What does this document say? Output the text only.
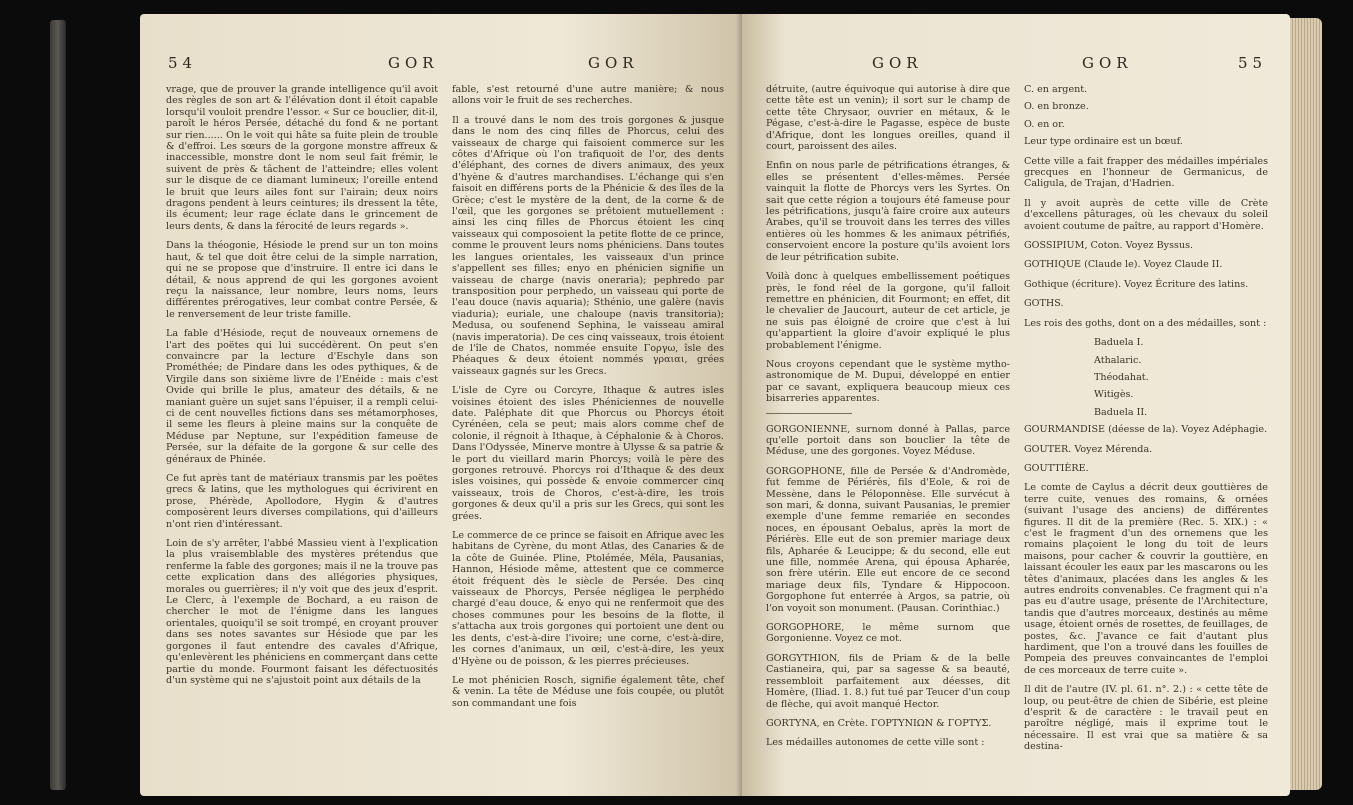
54	GOR	GOR

vrage, que de prouver la grande intelligence qu'il avoit des règles de son art & l'élévation dont il étoit capable lorsqu'il vouloit prendre l'essor. « Sur ce bouclier, dit-il, paroît le héros Persée, détaché du fond & ne portant sur rien...... On le voit qui hâte sa fuite plein de trouble & d'effroi. Les sœurs de la gorgone monstre affreux & inaccessible, monstre dont le nom seul fait frémir, le suivent de près & tâchent de l'atteindre; elles volent sur le disque de ce diamant lumineux; l'oreille entend le bruit que leurs ailes font sur l'airain; deux noirs dragons pendent à leurs ceintures; ils dressent la tête, ils écument; leur rage éclate dans le grincement de leurs dents, & dans la férocité de leurs regards ».

Dans la théogonie, Hésiode le prend sur un ton moins haut, & tel que doit être celui de la simple narration, qui ne se propose que d'instruire. Il entre ici dans le détail, & nous apprend de qui les gorgones avoient reçu la naissance, leur nombre, leurs noms, leurs différentes prérogatives, leur combat contre Persée, & le renversement de leur triste famille.

La fable d'Hésiode, reçut de nouveaux ornemens de l'art des poëtes qui lui succédèrent. On peut s'en convaincre par la lecture d'Eschyle dans son Prométhée; de Pindare dans les odes pythiques, & de Virgile dans son sixième livre de l'Enéide : mais c'est Ovide qui brille le plus, amateur des détails, & ne maniant guère un sujet sans l'épuiser, il a rempli celui-ci de cent nouvelles fictions dans ses métamorphoses, il seme les fleurs à pleine mains sur la conquête de Méduse par Neptune, sur l'expédition fameuse de Persée, sur la défaite de la gorgone & sur celle des généraux de Phinée.

Ce fut après tant de matériaux transmis par les poëtes grecs & latins, que les mythologues qui écrivirent en prose, Phérède, Apollodore, Hygin & d'autres composèrent leurs diverses compilations, qui d'ailleurs n'ont rien d'intéressant.

Loin de s'y arrêter, l'abbé Massieu vient à l'explication la plus vraisemblable des mystères prétendus que renferme la fable des gorgones; mais il ne la trouve pas cette explication dans des allégories physiques, morales ou guerrières; il n'y voit que des jeux d'esprit. Le Clerc, à l'exemple de Bochard, a eu raison de chercher le mot de l'énigme dans les langues orientales, quoiqu'il se soit trompé, en croyant prouver dans ses notes savantes sur Hésiode que par les gorgones il faut entendre des cavales d'Afrique, qu'enlevèrent les phéniciens en commerçant dans cette partie du monde. Fourmont faisant les défectuosités d'un système qui ne s'ajustoit point aux détails de la

fable, s'est retourné d'une autre manière; & nous allons voir le fruit de ses recherches.

Il a trouvé dans le nom des trois gorgones & jusque dans le nom des cinq filles de Phorcus, celui des vaisseaux de charge qui faisoient commerce sur les côtes d'Afrique où l'on trafiquoit de l'or, des dents d'éléphant, des cornes de divers animaux, des yeux d'hyène & d'autres marchandises. L'échange qui s'en faisoit en différens ports de la Phénicie & des îles de la Grèce; c'est le mystère de la dent, de la corne & de l'œil, que les gorgones se prêtoient mutuellement : ainsi les cinq filles de Phorcus étoient les cinq vaisseaux qui composoient la petite flotte de ce prince, comme le prouvent leurs noms phéniciens. Dans toutes les langues orientales, les vaisseaux d'un prince s'appellent ses filles; enyo en phénicien signifie un vaisseau de charge (navis oneraria); pephredo par transposition pour perphedo, un vaisseau qui porte de l'eau douce (navis aquaria); Sthénio, une galère (navis viaduria); euriale, une chaloupe (navis transitoria); Medusa, ou soufenend Sephina, le vaisseau amiral (navis imperatoria). De ces cinq vaisseaux, trois étoient de l'île de Chatos, nommée ensuite Γοργω, îsle des Phéaques & deux étoient nommés γραιαι, grées vaisseaux gagnés sur les Grecs.

L'isle de Cyre ou Corcyre, Ithaque & autres isles voisines étoient des isles Phéniciennes de nouvelle date. Paléphate dit que Phorcus ou Phorcys étoit Cyrénéen, cela se peut; mais alors comme chef de colonie, il régnoit à Ithaque, à Céphalonie & à Choros. Dans l'Odyssée, Minerve montre à Ulysse & sa patrie & le port du vieillard marin Phorcys; voilà le père des gorgones retrouvé. Phorcys roi d'Ithaque & des deux isles voisines, qui possède & envoie commercer cinq vaisseaux, trois de Choros, c'est-à-dire, les trois gorgones & deux qu'il a pris sur les Grecs, qui sont les grées.

Le commerce de ce prince se faisoit en Afrique avec les habitans de Cyrène, du mont Atlas, des Canaries & de la côte de Guinée. Pline, Ptolémée, Méla, Pausanias, Hannon, Hésiode même, attestent que ce commerce étoit fréquent dès le siècle de Persée. Des cinq vaisseaux de Phorcys, Persée négligea le perphédo chargé d'eau douce, & enyo qui ne renfermoit que des choses communes pour les besoins de la flotte, il s'attacha aux trois gorgones qui portoient une dent ou les dents, c'est-à-dire l'ivoire; une corne, c'est-à-dire, les cornes d'animaux, un œil, c'est-à-dire, les yeux d'Hyène ou de poisson, & les pierres précieuses.

Le mot phénicien Rosch, signifie également tête, chef & venin. La tête de Méduse une fois coupée, ou plutôt son commandant une fois

GOR	GOR	55

détruite, (autre équivoque qui autorise à dire que cette tête est un venin); il sort sur le champ de cette tête Chrysaor, ouvrier en métaux, & le Pégase, c'est-à-dire le Pagasse, espèce de buste d'Afrique, dont les longues oreilles, quand il court, paroissent des ailes.

Enfin on nous parle de pétrifications étranges, & elles se présentent d'elles-mêmes. Persée vainquit la flotte de Phorcys vers les Syrtes. On sait que cette région a toujours été fameuse pour les pétrifications, jusqu'à faire croire aux auteurs Arabes, qu'il se trouvoit dans les terres des villes entières où les hommes & les animaux pétrifiés, conservoient encore la posture qu'ils avoient lors de leur pétrification subite.

Voilà donc à quelques embellissement poétiques près, le fond réel de la gorgone, qu'il falloit remettre en phénicien, dit Fourmont; en effet, dit le chevalier de Jaucourt, auteur de cet article, je ne suis pas éloigné de croire que c'est à lui qu'appartient la gloire d'avoir expliqué le plus probablement l'énigme.

Nous croyons cependant que le système mytho-astronomique de M. Dupui, développé en entier par ce savant, expliquera beaucoup mieux ces bisarreries apparentes.

GORGONIENNE, surnom donné à Pallas, parce qu'elle portoit dans son bouclier la tête de Méduse, une des gorgones. Voyez Méduse.

GORGOPHONE, fille de Persée & d'Andromède, fut femme de Périérès, fils d'Eole, & roi de Messène, dans le Péloponnèse. Elle survécut à son mari, & donna, suivant Pausanias, le premier exemple d'une femme remariée en secondes noces, en épousant Oebalus, après la mort de Périérès. Elle eut de son premier mariage deux fils, Apharée & Leucippe; & du second, elle eut une fille, nommée Arena, qui épousa Apharée, son frère utérin. Elle eut encore de ce second mariage deux fils, Tyndare & Hippocoon. Gorgophone fut enterrée à Argos, sa patrie, où l'on voyoit son monument. (Pausan. Corinthiac.)

GORGOPHORE, le même surnom que Gorgonienne. Voyez ce mot.

GORGYTHION, fils de Priam & de la belle Castianeira, qui, par sa sagesse & sa beauté, ressembloit parfaitement aux déesses, dit Homère, (Iliad. 1. 8.) fut tué par Teucer d'un coup de flèche, qui avoit manqué Hector.

GORTYNA, en Crète. ΓΟΡΤΥΝΙΩΝ & ΓΟΡΤΥΣ.

Les médailles autonomes de cette ville sont :

C. en argent.
O. en bronze.
O. en or.

Leur type ordinaire est un bœuf.

Cette ville a fait frapper des médailles impériales grecques en l'honneur de Germanicus, de Caligula, de Trajan, d'Hadrien.

Il y avoit auprès de cette ville de Crète d'excellens pâturages, où les chevaux du soleil avoient coutume de paître, au rapport d'Homère.

GOSSIPIUM, Coton. Voyez Byssus.

GOTHIQUE (Claude le). Voyez Claude II.

Gothique (écriture). Voyez Écriture des latins.

GOTHS.

Les rois des goths, dont on a des médailles, sont :

Baduela I.
Athalaric.
Théodahat.
Witigès.
Baduela II.

GOURMANDISE (déesse de la). Voyez Adéphagie.

GOUTER. Voyez Mérenda.

GOUTTIÈRE.

Le comte de Caylus a décrit deux gouttières de terre cuite, venues des romains, & ornées (suivant l'usage des anciens) de différentes figures. Il dit de la première (Rec. 5. XIX.) : « c'est le fragment d'un des ornemens que les romains plaçoient le long du toit de leurs maisons, pour cacher & couvrir la gouttière, en laissant écouler les eaux par les mascarons ou les têtes d'animaux, placées dans les angles & les autres endroits convenables. Ce fragment qui n'a pas eu d'autre usage, présente de l'Architecture, tandis que d'autres morceaux, destinés au même usage, étoient ornés de rosettes, de feuillages, de postes, &c. J'avance ce fait d'autant plus hardiment, que l'on a trouvé dans les fouilles de Pompeia des preuves convaincantes de l'emploi de ces morceaux de terre cuite ».

Il dit de l'autre (IV. pl. 61. n°. 2.) : « cette tête de loup, ou peut-être de chien de Sibérie, est pleine d'esprit & de caractère : le travail peut en paroître négligé, mais il exprime tout le nécessaire. Il est vrai que sa matière & sa destina-
